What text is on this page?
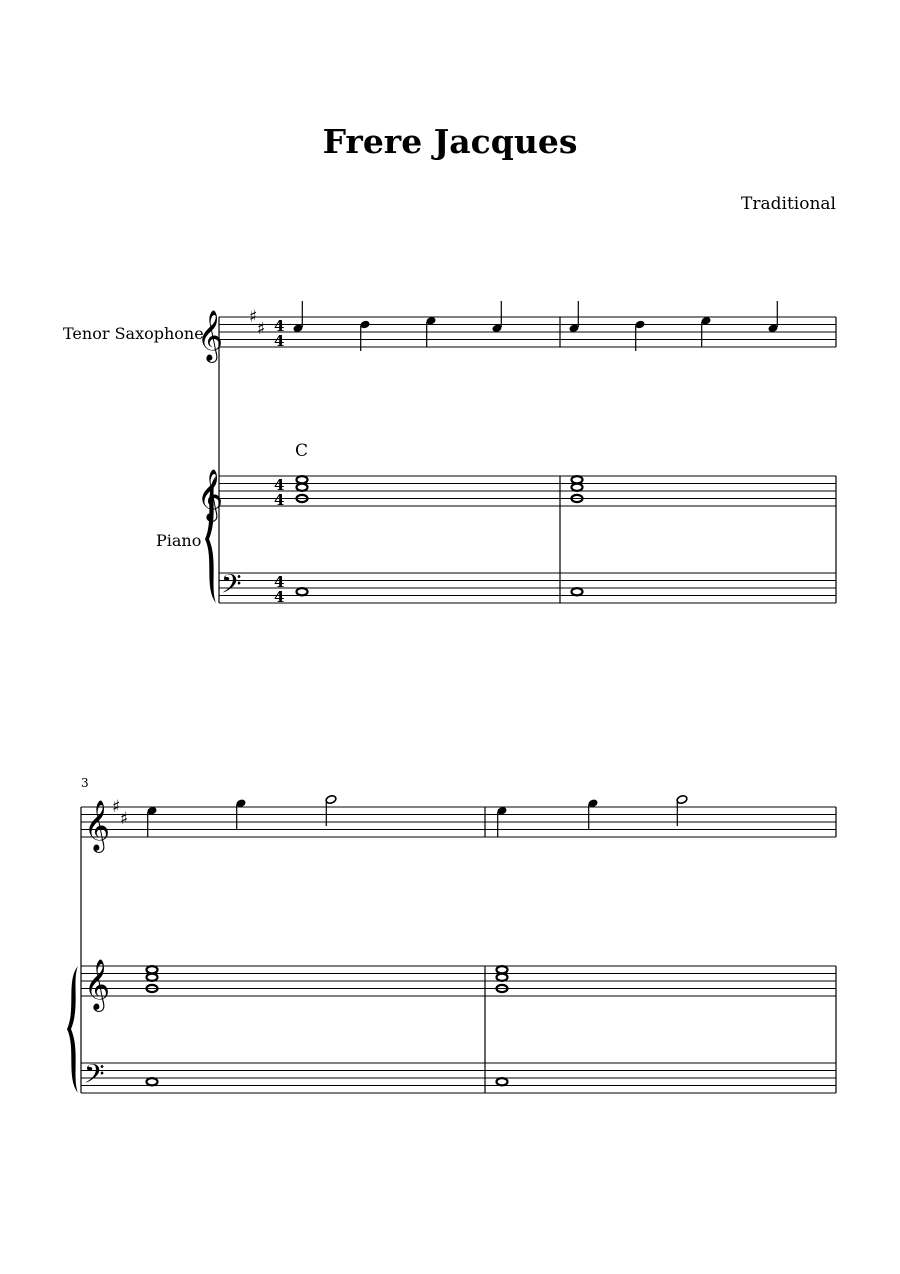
Frere Jacques
Traditional
Tenor Saxophone
Piano
𝄞
𝄞
𝄢
♯
♯ 4
4
4
4
4
4
C
3
𝄞
𝄞
𝄢
♯
♯
